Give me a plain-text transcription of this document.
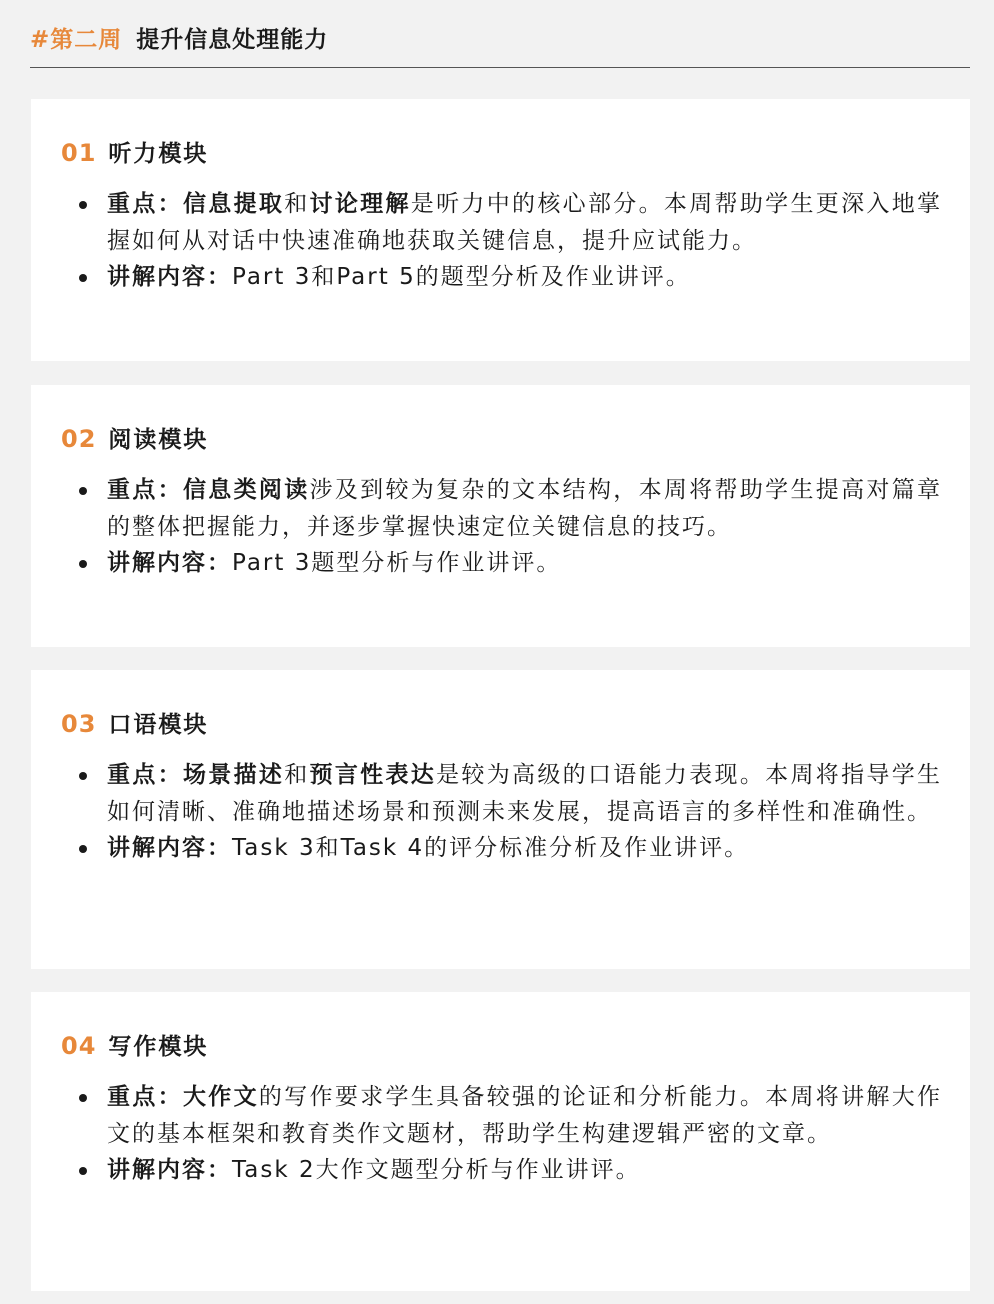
#第二周 提升信息处理能力
01 听力模块
重点：信息提取和讨论理解是听力中的核心部分。本周帮助学生更深入地掌握如何从对话中快速准确地获取关键信息，提升应试能力。
讲解内容：Part 3和Part 5的题型分析及作业讲评。
02 阅读模块
重点：信息类阅读涉及到较为复杂的文本结构，本周将帮助学生提高对篇章的整体把握能力，并逐步掌握快速定位关键信息的技巧。
讲解内容：Part 3题型分析与作业讲评。
03 口语模块
重点：场景描述和预言性表达是较为高级的口语能力表现。本周将指导学生如何清晰、准确地描述场景和预测未来发展，提高语言的多样性和准确性。
讲解内容：Task 3和Task 4的评分标准分析及作业讲评。
04 写作模块
重点：大作文的写作要求学生具备较强的论证和分析能力。本周将讲解大作文的基本框架和教育类作文题材，帮助学生构建逻辑严密的文章。
讲解内容：Task 2大作文题型分析与作业讲评。
